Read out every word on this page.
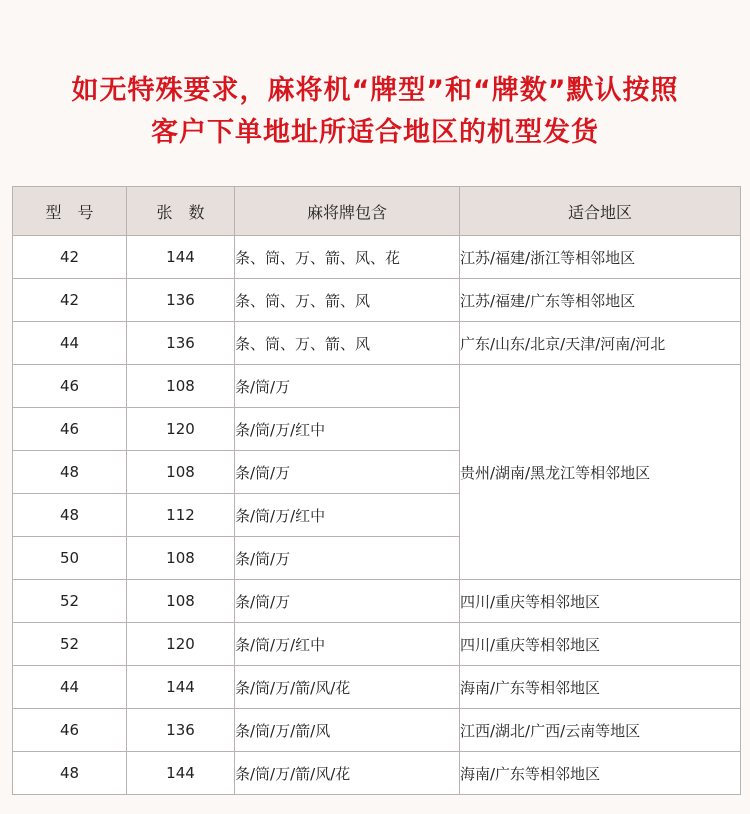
如无特殊要求，麻将机“牌型”和“牌数”默认按照
客户下单地址所适合地区的机型发货
型　号	张　数	麻将牌包含	适合地区
42	144	条、筒、万、箭、风、花	江苏/福建/浙江等相邻地区
42	136	条、筒、万、箭、风	江苏/福建/广东等相邻地区
44	136	条、筒、万、箭、风	广东/山东/北京/天津/河南/河北
46	108	条/筒/万	贵州/湖南/黑龙江等相邻地区
46	120	条/筒/万/红中	
48	108	条/筒/万	
48	112	条/筒/万/红中	
50	108	条/筒/万	
52	108	条/筒/万	四川/重庆等相邻地区
52	120	条/筒/万/红中	四川/重庆等相邻地区
44	144	条/筒/万/箭/风/花	海南/广东等相邻地区
46	136	条/筒/万/箭/风	江西/湖北/广西/云南等地区
48	144	条/筒/万/箭/风/花	海南/广东等相邻地区
